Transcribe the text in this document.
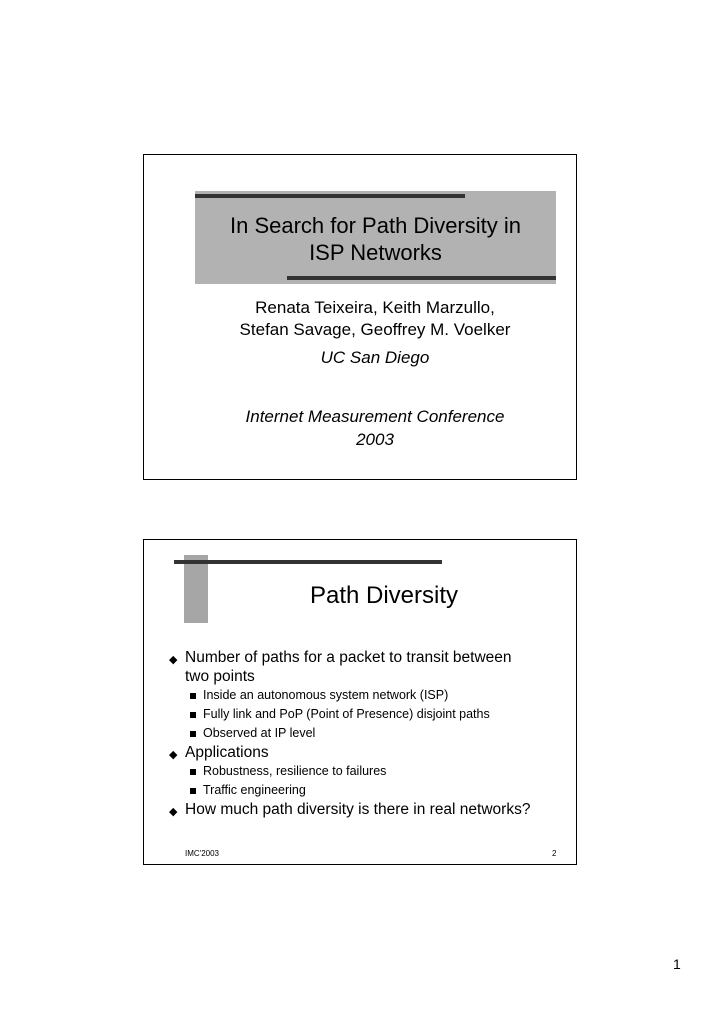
In Search for Path Diversity in
ISP Networks
Renata Teixeira, Keith Marzullo,
Stefan Savage, Geoffrey M. Voelker
UC San Diego
Internet Measurement Conference
2003
Path Diversity
◆ Number of paths for a packet to transit between
two points
Inside an autonomous system network (ISP)
Fully link and PoP (Point of Presence) disjoint paths
Observed at IP level
◆ Applications
Robustness, resilience to failures
Traffic engineering
◆ How much path diversity is there in real networks?
IMC'2003	2
1
